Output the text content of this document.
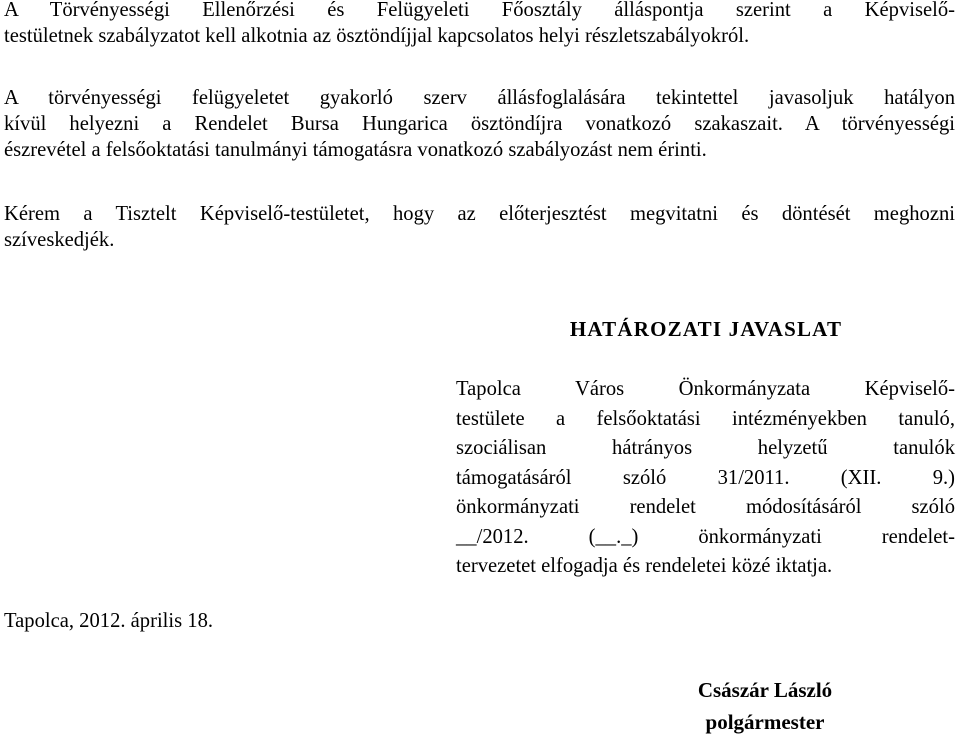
A Törvényességi Ellenőrzési és Felügyeleti Főosztály álláspontja szerint a Képviselő-
testületnek szabályzatot kell alkotnia az ösztöndíjjal kapcsolatos helyi részletszabályokról.
A törvényességi felügyeletet gyakorló szerv állásfoglalására tekintettel javasoljuk hatályon
kívül helyezni a Rendelet Bursa Hungarica ösztöndíjra vonatkozó szakaszait. A törvényességi
észrevétel a felsőoktatási tanulmányi támogatásra vonatkozó szabályozást nem érinti.
Kérem a Tisztelt Képviselő-testületet, hogy az előterjesztést megvitatni és döntését meghozni
szíveskedjék.
HATÁROZATI JAVASLAT
Tapolca Város Önkormányzata Képviselő-
testülete a felsőoktatási intézményekben tanuló,
szociálisan hátrányos helyzetű tanulók
támogatásáról szóló 31/2011. (XII. 9.)
önkormányzati rendelet módosításáról szóló
__/2012. (__._) önkormányzati rendelet-
tervezetet elfogadja és rendeletei közé iktatja.
Tapolca, 2012. április 18.
Császár László
polgármester
